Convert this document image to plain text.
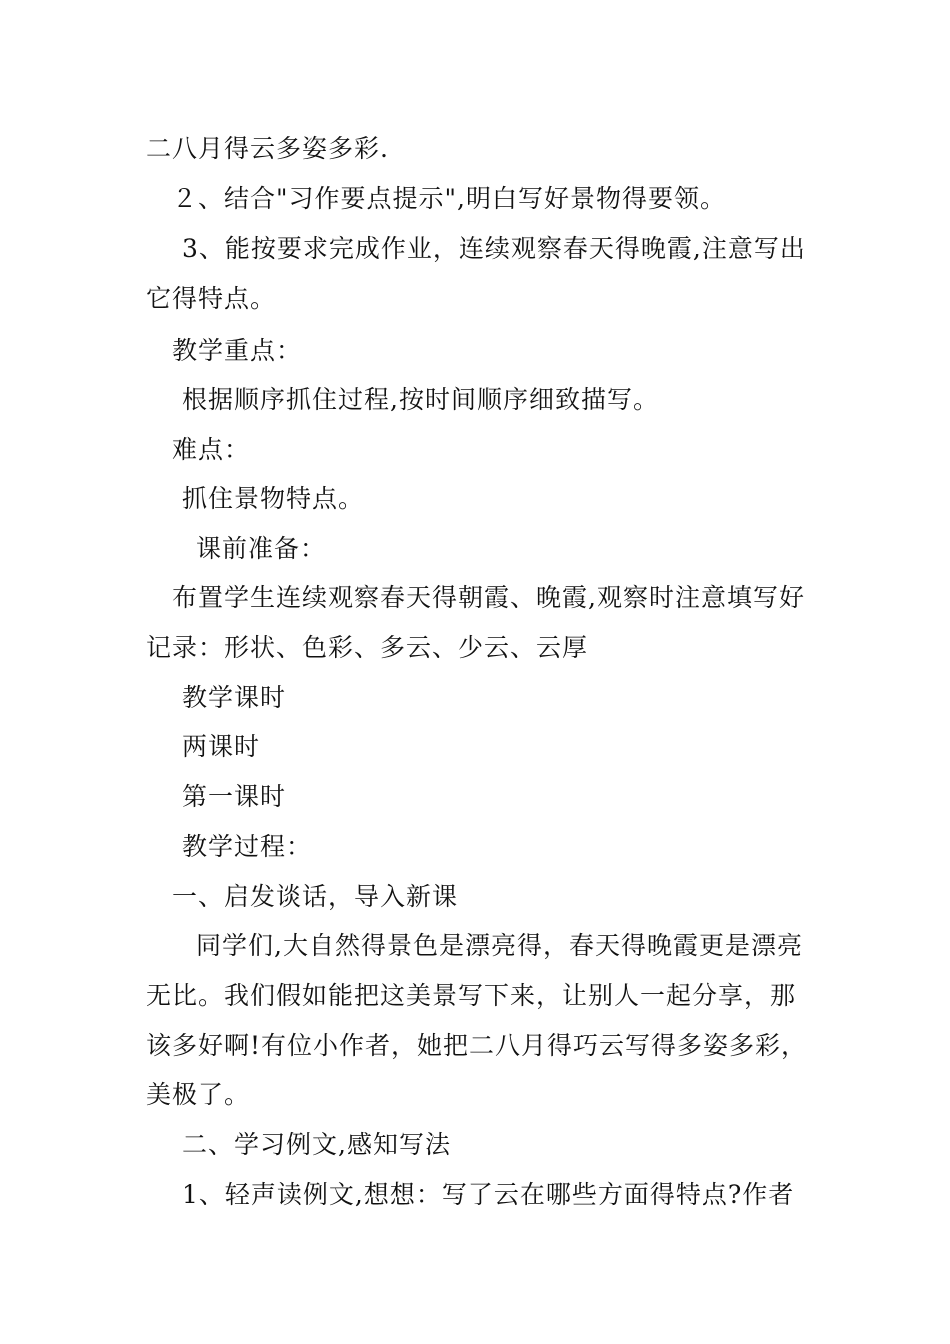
二八月得云多姿多彩.
２、结合"习作要点提示",明白写好景物得要领。
3、能按要求完成作业，连续观察春天得晚霞,注意写出
它得特点。
教学重点：
根据顺序抓住过程,按时间顺序细致描写。
难点：
抓住景物特点。
课前准备：
布置学生连续观察春天得朝霞、晚霞,观察时注意填写好
记录：形状、色彩、多云、少云、云厚
教学课时
两课时
第一课时
教学过程：
一、启发谈话，导入新课
同学们,大自然得景色是漂亮得，春天得晚霞更是漂亮
无比。我们假如能把这美景写下来，让别人一起分享，那
该多好啊!有位小作者，她把二八月得巧云写得多姿多彩，
美极了。
二、学习例文,感知写法
1、轻声读例文,想想：写了云在哪些方面得特点?作者
